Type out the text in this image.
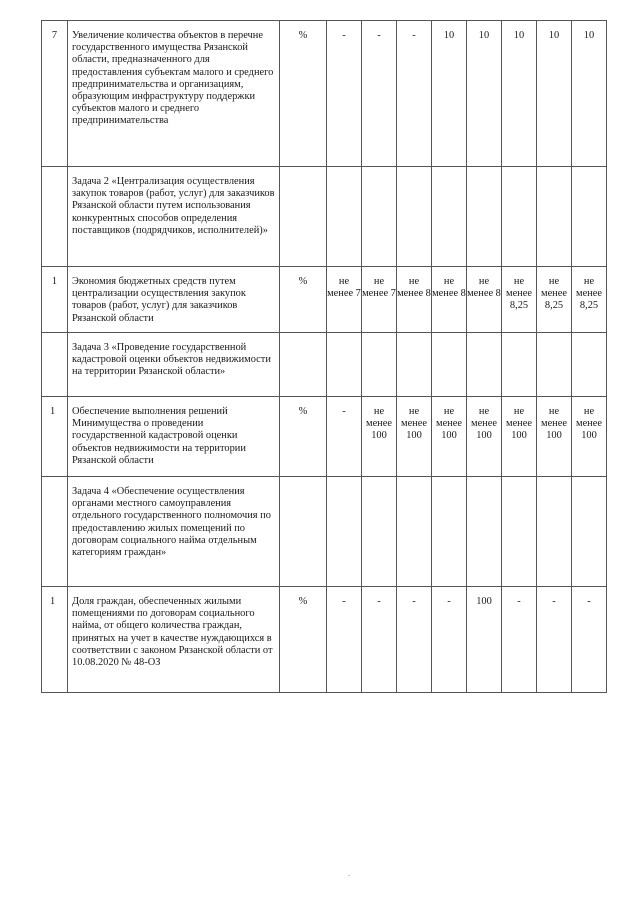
7	Увеличение количества объектов в перечне государственного имущества Рязанской области, предназначенного для предоставления субъектам малого и среднего предпринимательства и организациям, образующим инфраструктуру поддержки субъектов малого и среднего предпринимательства	%	-	-	-	10	10	10	10	10
	Задача 2 «Централизация осуществления закупок товаров (работ, услуг) для заказчиков Рязанской области путем использования конкурентных способов определения поставщиков (подрядчиков, исполнителей)»									
1	Экономия бюджетных средств путем централизации осуществления закупок товаров (работ, услуг) для заказчиков Рязанской области	%	не менее 7	не менее 7	не менее 8	не менее 8	не менее 8	не менее 8,25	не менее 8,25	не менее 8,25
	Задача 3 «Проведение государственной кадастровой оценки объектов недвижимости на территории Рязанской области»									
1	Обеспечение выполнения решений Минимущества о проведении государственной кадастровой оценки объектов недвижимости на территории Рязанской области	%	-	не менее 100	не менее 100	не менее 100	не менее 100	не менее 100	не менее 100	не менее 100
	Задача 4 «Обеспечение осуществления органами местного самоуправления отдельного государственного полномочия по предоставлению жилых помещений по договорам социального найма отдельным категориям граждан»									
1	Доля граждан, обеспеченных жилыми помещениями по договорам социального найма, от общего количества граждан, принятых на учет в качестве нуждающихся в соответствии с законом Рязанской области от 10.08.2020 № 48-ОЗ	%	-	-	-	-	100	-	-	-
.
